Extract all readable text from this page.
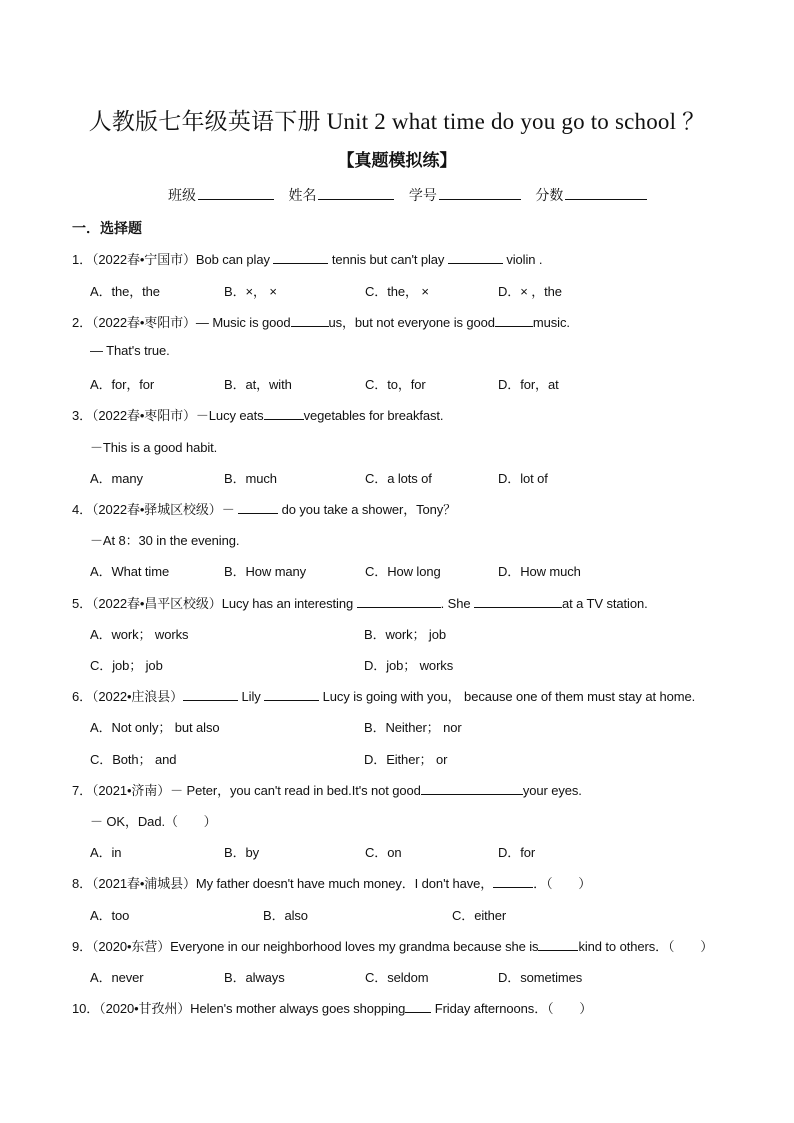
人教版七年级英语下册 Unit 2 what time do you go to school ？
【真题模拟练】
班级	姓名	学号	分数
一．选择题
1．（2022春•宁国市）Bob can play	tennis but can't play	violin .
A．the，the	B．×， ×	C．the， ×	D．× ，the
2．（2022春•枣阳市）— Music is good	us，but not everyone is good	music.
— That's true.
A．for，for	B．at，with	C．to，for	D．for，at
3．（2022春•枣阳市）－Lucy eats	vegetables for breakfast.
－This is a good habit.
A．many	B．much	C．a lots of	D．lot of
4．（2022春•驿城区校级）－	do you take a shower，Tony？
－At 8：30 in the evening.
A．What time	B．How many	C．How long	D．How much
5．（2022春•昌平区校级）Lucy has an interesting	. She	at a TV station.
A．work； works	B．work； job
C．job； job	D．job； works
6．（2022•庄浪县）	Lily	Lucy is going with you， because one of them must stay at home.
A．Not only； but also	B．Neither； nor
C．Both； and	D．Either； or
7．（2021•济南）－ Peter，you can't read in bed.It's not good	your eyes.
－ OK，Dad.（　　）
A．in	B．by	C．on	D．for
8．（2021春•浦城县）My father doesn't have much money．I don't have，	．（　　）
A．too	B．also	C．either
9．（2020•东营）Everyone in our neighborhood loves my grandma because she is	kind to others．（　　）
A．never	B．always	C．seldom	D．sometimes
10．（2020•甘孜州）Helen's mother always goes shopping Friday afternoons．（　　）
